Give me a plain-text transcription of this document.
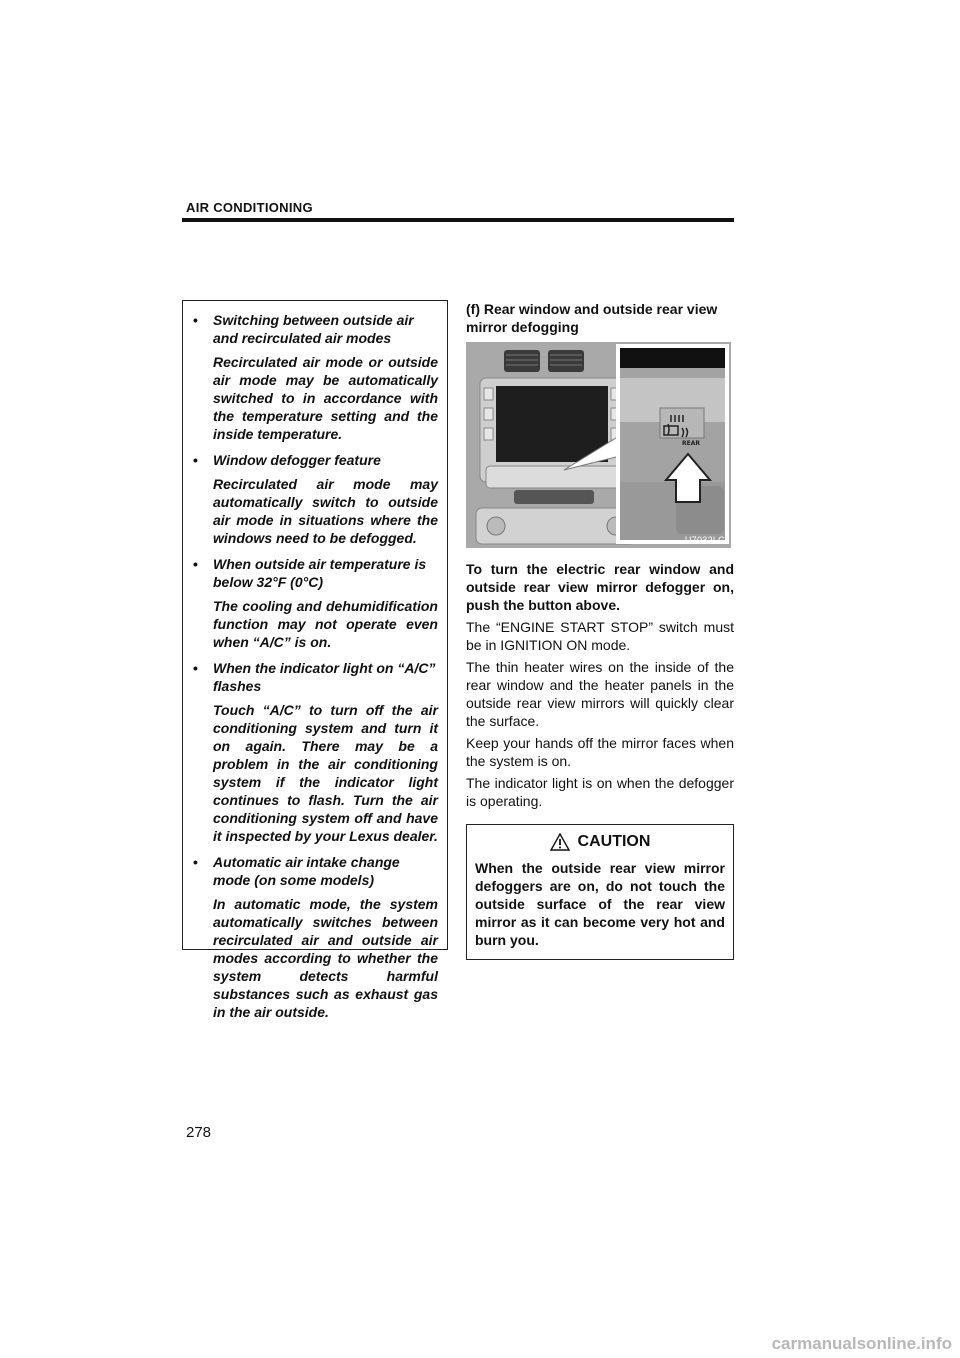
AIR CONDITIONING
•	Switching between outside air and recirculated air modes
Recirculated air mode or outside air mode may be automatically switched to in accordance with the temperature setting and the inside temperature.
•	Window defogger feature
Recirculated air mode may automatically switch to outside air mode in situations where the windows need to be defogged.
•	When outside air temperature is below 32°F (0°C)
The cooling and dehumidification function may not operate even when “A/C” is on.
•	When the indicator light on “A/C” flashes
Touch “A/C” to turn off the air conditioning system and turn it on again. There may be a problem in the air conditioning system if the indicator light continues to flash. Turn the air conditioning system off and have it inspected by your Lexus dealer.
•	Automatic air intake change mode (on some models)
In automatic mode, the system automatically switches between recirculated air and outside air modes according to whether the system detects harmful substances such as exhaust gas in the air outside.

(f) Rear window and outside rear view mirror defogging

REAR
U7032LC

To turn the electric rear window and outside rear view mirror defogger on, push the button above.

The “ENGINE START STOP” switch must be in IGNITION ON mode.

The thin heater wires on the inside of the rear window and the heater panels in the outside rear view mirrors will quickly clear the surface.

Keep your hands off the mirror faces when the system is on.

The indicator light is on when the defogger is operating.

CAUTION
When the outside rear view mirror defoggers are on, do not touch the outside surface of the rear view mirror as it can become very hot and burn you.
278
carmanualsonline.info
